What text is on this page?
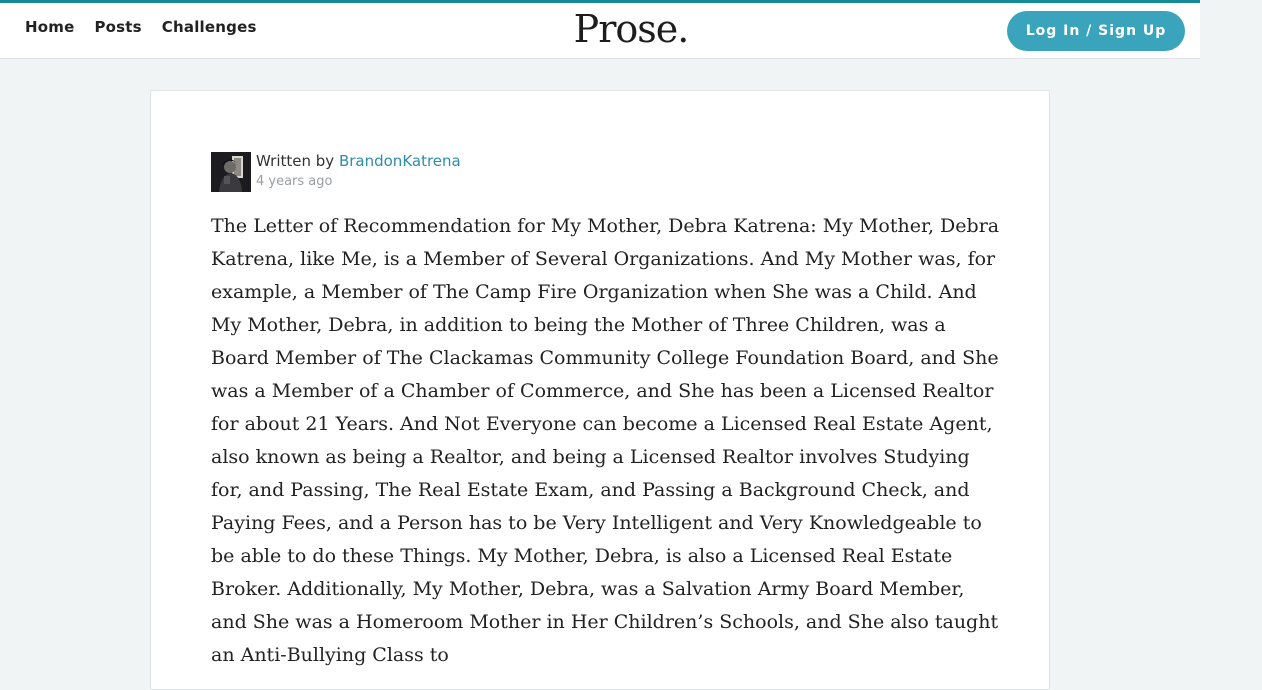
Home Posts Challenges	Prose.	Log In / Sign Up
Written by BrandonKatrena
4 years ago

The Letter of Recommendation for My Mother, Debra Katrena: My Mother, Debra Katrena, like Me, is a Member of Several Organizations. And My Mother was, for example, a Member of The Camp Fire Organization when She was a Child. And My Mother, Debra, in addition to being the Mother of Three Children, was a Board Member of The Clackamas Community College Foundation Board, and She was a Member of a Chamber of Commerce, and She has been a Licensed Realtor for about 21 Years. And Not Everyone can become a Licensed Real Estate Agent, also known as being a Realtor, and being a Licensed Realtor involves Studying for, and Passing, The Real Estate Exam, and Passing a Background Check, and Paying Fees, and a Person has to be Very Intelligent and Very Knowledgeable to be able to do these Things. My Mother, Debra, is also a Licensed Real Estate Broker. Additionally, My Mother, Debra, was a Salvation Army Board Member, and She was a Homeroom Mother in Her Children’s Schools, and She also taught an Anti-Bullying Class to
